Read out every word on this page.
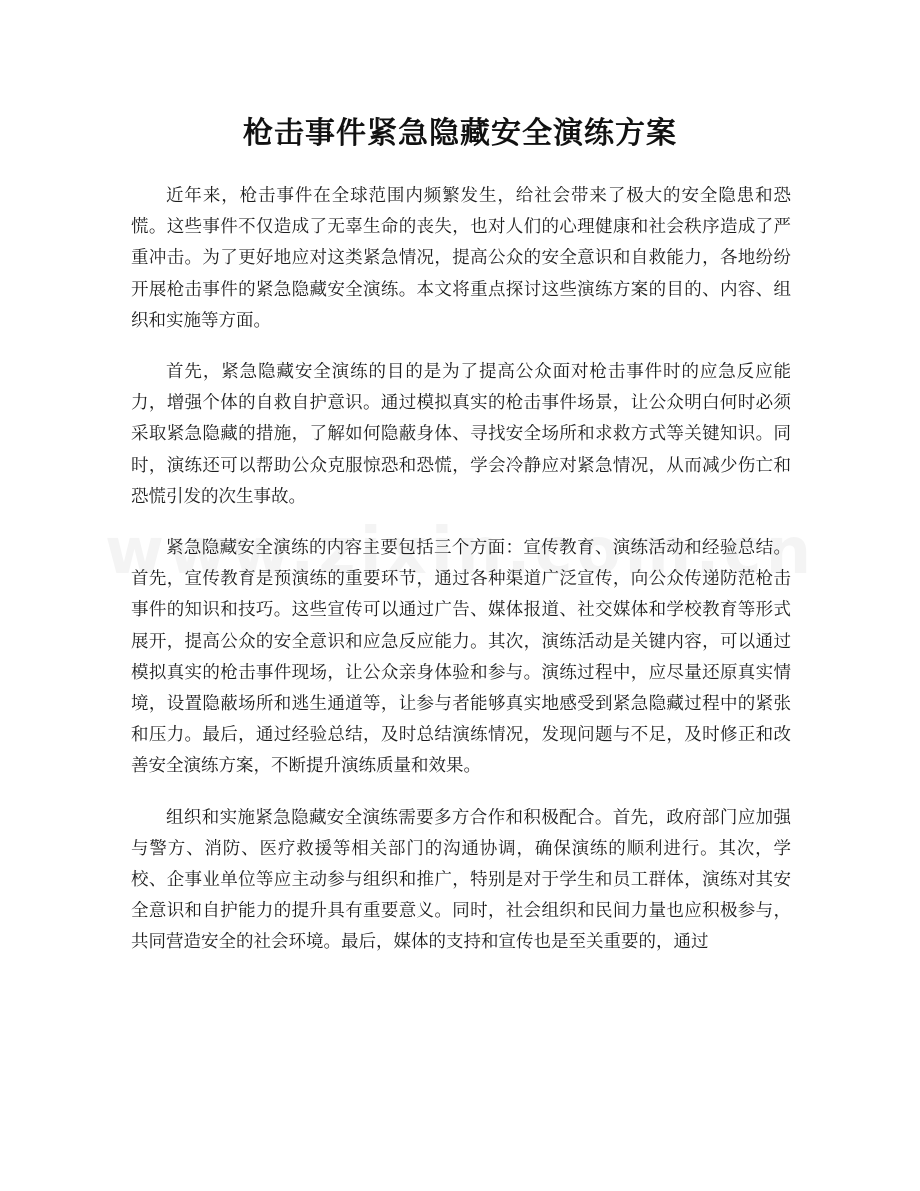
枪击事件紧急隐藏安全演练方案

近年来，枪击事件在全球范围内频繁发生，给社会带来了极大的安全隐患和恐慌。这些事件不仅造成了无辜生命的丧失，也对人们的心理健康和社会秩序造成了严重冲击。为了更好地应对这类紧急情况，提高公众的安全意识和自救能力，各地纷纷开展枪击事件的紧急隐藏安全演练。本文将重点探讨这些演练方案的目的、内容、组织和实施等方面。

首先，紧急隐藏安全演练的目的是为了提高公众面对枪击事件时的应急反应能力，增强个体的自救自护意识。通过模拟真实的枪击事件场景，让公众明白何时必须采取紧急隐藏的措施，了解如何隐蔽身体、寻找安全场所和求救方式等关键知识。同时，演练还可以帮助公众克服惊恐和恐慌，学会冷静应对紧急情况，从而减少伤亡和恐慌引发的次生事故。

紧急隐藏安全演练的内容主要包括三个方面：宣传教育、演练活动和经验总结。首先，宣传教育是预演练的重要环节，通过各种渠道广泛宣传，向公众传递防范枪击事件的知识和技巧。这些宣传可以通过广告、媒体报道、社交媒体和学校教育等形式展开，提高公众的安全意识和应急反应能力。其次，演练活动是关键内容，可以通过模拟真实的枪击事件现场，让公众亲身体验和参与。演练过程中，应尽量还原真实情境，设置隐蔽场所和逃生通道等，让参与者能够真实地感受到紧急隐藏过程中的紧张和压力。最后，通过经验总结，及时总结演练情况，发现问题与不足，及时修正和改善安全演练方案，不断提升演练质量和效果。

组织和实施紧急隐藏安全演练需要多方合作和积极配合。首先，政府部门应加强与警方、消防、医疗救援等相关部门的沟通协调，确保演练的顺利进行。其次，学校、企事业单位等应主动参与组织和推广，特别是对于学生和员工群体，演练对其安全意识和自护能力的提升具有重要意义。同时，社会组织和民间力量也应积极参与，共同营造安全的社会环境。最后，媒体的支持和宣传也是至关重要的，通过
